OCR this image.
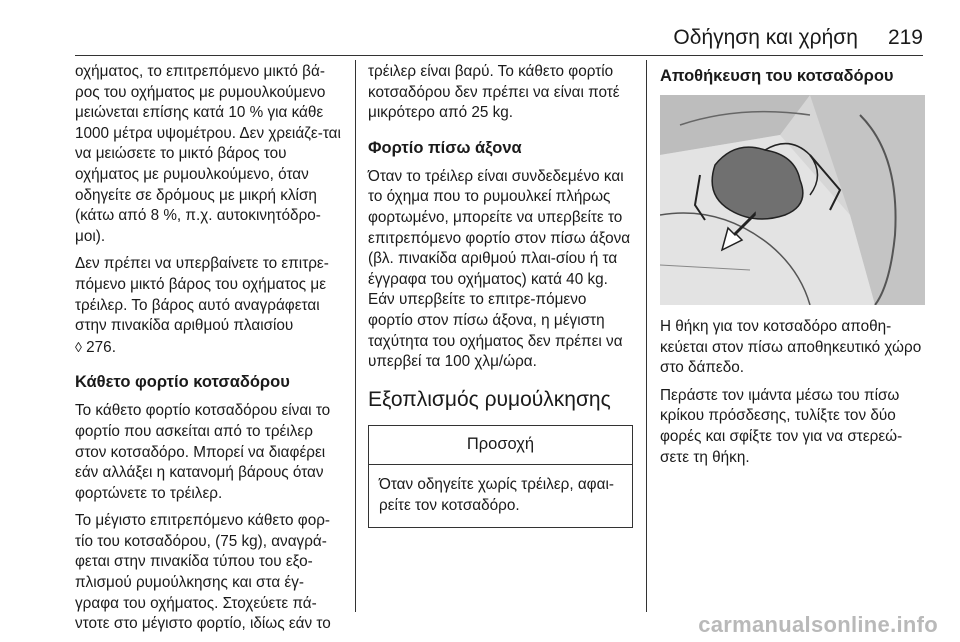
Οδήγηση και χρήση 219

οχήματος, το επιτρεπόμενο μικτό βά-ρος του οχήματος με ρυμουλκούμενο μειώνεται επίσης κατά 10 % για κάθε 1000 μέτρα υψομέτρου. Δεν χρειάζε-ται να μειώσετε το μικτό βάρος του οχήματος με ρυμουλκούμενο, όταν οδηγείτε σε δρόμους με μικρή κλίση (κάτω από 8 %, π.χ. αυτοκινητόδρο-μοι).

Δεν πρέπει να υπερβαίνετε το επιτρε-πόμενο μικτό βάρος του οχήματος με τρέιλερ. Το βάρος αυτό αναγράφεται στην πινακίδα αριθμού πλαισίου
◊ 276.

Κάθετο φορτίο κοτσαδόρου

Το κάθετο φορτίο κοτσαδόρου είναι το φορτίο που ασκείται από το τρέιλερ στον κοτσαδόρο. Μπορεί να διαφέρει εάν αλλάξει η κατανομή βάρους όταν φορτώνετε το τρέιλερ.

Το μέγιστο επιτρεπόμενο κάθετο φορ-τίο του κοτσαδόρου, (75 kg), αναγρά-φεται στην πινακίδα τύπου του εξο-πλισμού ρυμούλκησης και στα έγ-γραφα του οχήματος. Στοχεύετε πά-ντοτε στο μέγιστο φορτίο, ιδίως εάν το

τρέιλερ είναι βαρύ. Το κάθετο φορτίο κοτσαδόρου δεν πρέπει να είναι ποτέ μικρότερο από 25 kg.

Φορτίο πίσω άξονα

Όταν το τρέιλερ είναι συνδεδεμένο και το όχημα που το ρυμουλκεί πλήρως φορτωμένο, μπορείτε να υπερβείτε το επιτρεπόμενο φορτίο στον πίσω άξονα (βλ. πινακίδα αριθμού πλαι-σίου ή τα έγγραφα του οχήματος) κατά 40 kg. Εάν υπερβείτε το επιτρε-πόμενο φορτίο στον πίσω άξονα, η μέγιστη ταχύτητα του οχήματος δεν πρέπει να υπερβεί τα 100 χλμ/ώρα.

Εξοπλισμός ρυμούλκησης
Προσοχή
Όταν οδηγείτε χωρίς τρέιλερ, αφαι-ρείτε τον κοτσαδόρο.
Αποθήκευση του κοτσαδόρου

Η θήκη για τον κοτσαδόρο αποθη-κεύεται στον πίσω αποθηκευτικό χώρο στο δάπεδο.

Περάστε τον ιμάντα μέσω του πίσω κρίκου πρόσδεσης, τυλίξτε τον δύο φορές και σφίξτε τον για να στερεώ-σετε τη θήκη.

carmanualsonline.info
